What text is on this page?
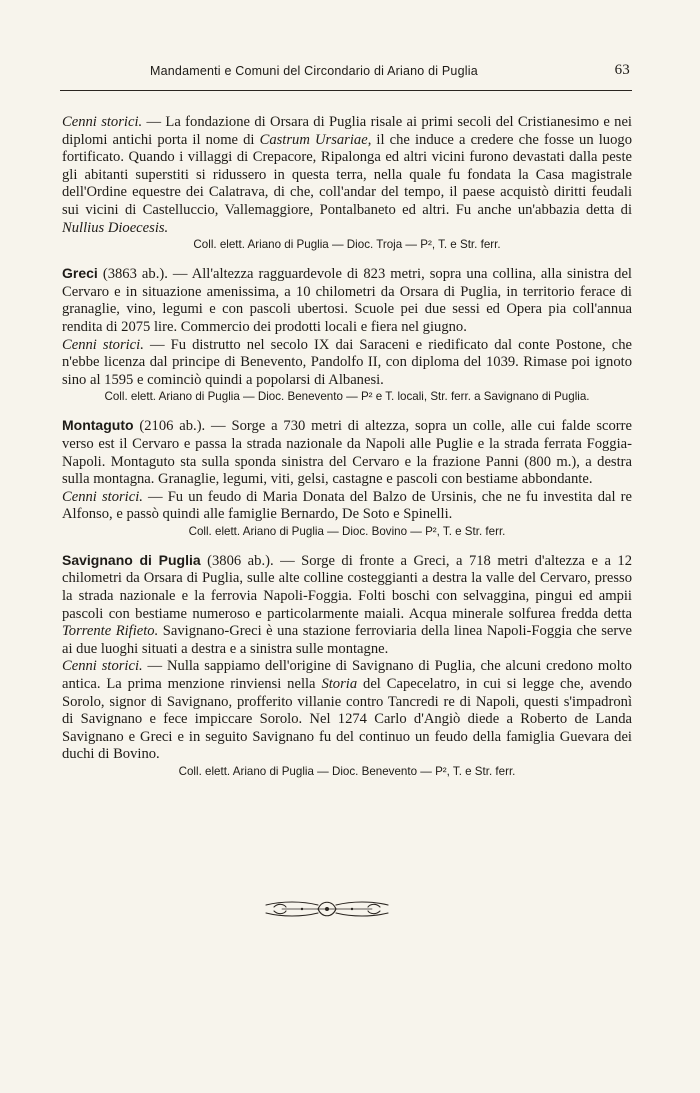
Mandamenti e Comuni del Circondario di Ariano di Puglia	63

Cenni storici. — La fondazione di Orsara di Puglia risale ai primi secoli del Cristianesimo e nei diplomi antichi porta il nome di Castrum Ursariae, il che induce a credere che fosse un luogo fortificato. Quando i villaggi di Crepacore, Ripalonga ed altri vicini furono devastati dalla peste gli abitanti superstiti si ridussero in questa terra, nella quale fu fondata la Casa magistrale dell'Ordine equestre dei Calatrava, di che, coll'andar del tempo, il paese acquistò diritti feudali sui vicini di Castelluccio, Vallemaggiore, Pontalbaneto ed altri. Fu anche un'abbazia detta di Nullius Dioecesis.

Coll. elett. Ariano di Puglia — Dioc. Troja — P², T. e Str. ferr.

Greci (3863 ab.). — All'altezza ragguardevole di 823 metri, sopra una collina, alla sinistra del Cervaro e in situazione amenissima, a 10 chilometri da Orsara di Puglia, in territorio ferace di granaglie, vino, legumi e con pascoli ubertosi. Scuole pei due sessi ed Opera pia coll'annua rendita di 2075 lire. Commercio dei prodotti locali e fiera nel giugno.

Cenni storici. — Fu distrutto nel secolo IX dai Saraceni e riedificato dal conte Postone, che n'ebbe licenza dal principe di Benevento, Pandolfo II, con diploma del 1039. Rimase poi ignoto sino al 1595 e cominciò quindi a popolarsi di Albanesi.

Coll. elett. Ariano di Puglia — Dioc. Benevento — P² e T. locali, Str. ferr. a Savignano di Puglia.

Montaguto (2106 ab.). — Sorge a 730 metri di altezza, sopra un colle, alle cui falde scorre verso est il Cervaro e passa la strada nazionale da Napoli alle Puglie e la strada ferrata Foggia-Napoli. Montaguto sta sulla sponda sinistra del Cervaro e la frazione Panni (800 m.), a destra sulla montagna. Granaglie, legumi, viti, gelsi, castagne e pascoli con bestiame abbondante.

Cenni storici. — Fu un feudo di Maria Donata del Balzo de Ursinis, che ne fu investita dal re Alfonso, e passò quindi alle famiglie Bernardo, De Soto e Spinelli.

Coll. elett. Ariano di Puglia — Dioc. Bovino — P², T. e Str. ferr.

Savignano di Puglia (3806 ab.). — Sorge di fronte a Greci, a 718 metri d'altezza e a 12 chilometri da Orsara di Puglia, sulle alte colline costeggianti a destra la valle del Cervaro, presso la strada nazionale e la ferrovia Napoli-Foggia. Folti boschi con selvaggina, pingui ed ampii pascoli con bestiame numeroso e particolarmente maiali. Acqua minerale solfurea fredda detta Torrente Rifieto. Savignano-Greci è una stazione ferroviaria della linea Napoli-Foggia che serve ai due luoghi situati a destra e a sinistra sulle montagne.

Cenni storici. — Nulla sappiamo dell'origine di Savignano di Puglia, che alcuni credono molto antica. La prima menzione rinviensi nella Storia del Capecelatro, in cui si legge che, avendo Sorolo, signor di Savignano, profferito villanie contro Tancredi re di Napoli, questi s'impadronì di Savignano e fece impiccare Sorolo. Nel 1274 Carlo d'Angiò diede a Roberto de Landa Savignano e Greci e in seguito Savignano fu del continuo un feudo della famiglia Guevara dei duchi di Bovino.

Coll. elett. Ariano di Puglia — Dioc. Benevento — P², T. e Str. ferr.
